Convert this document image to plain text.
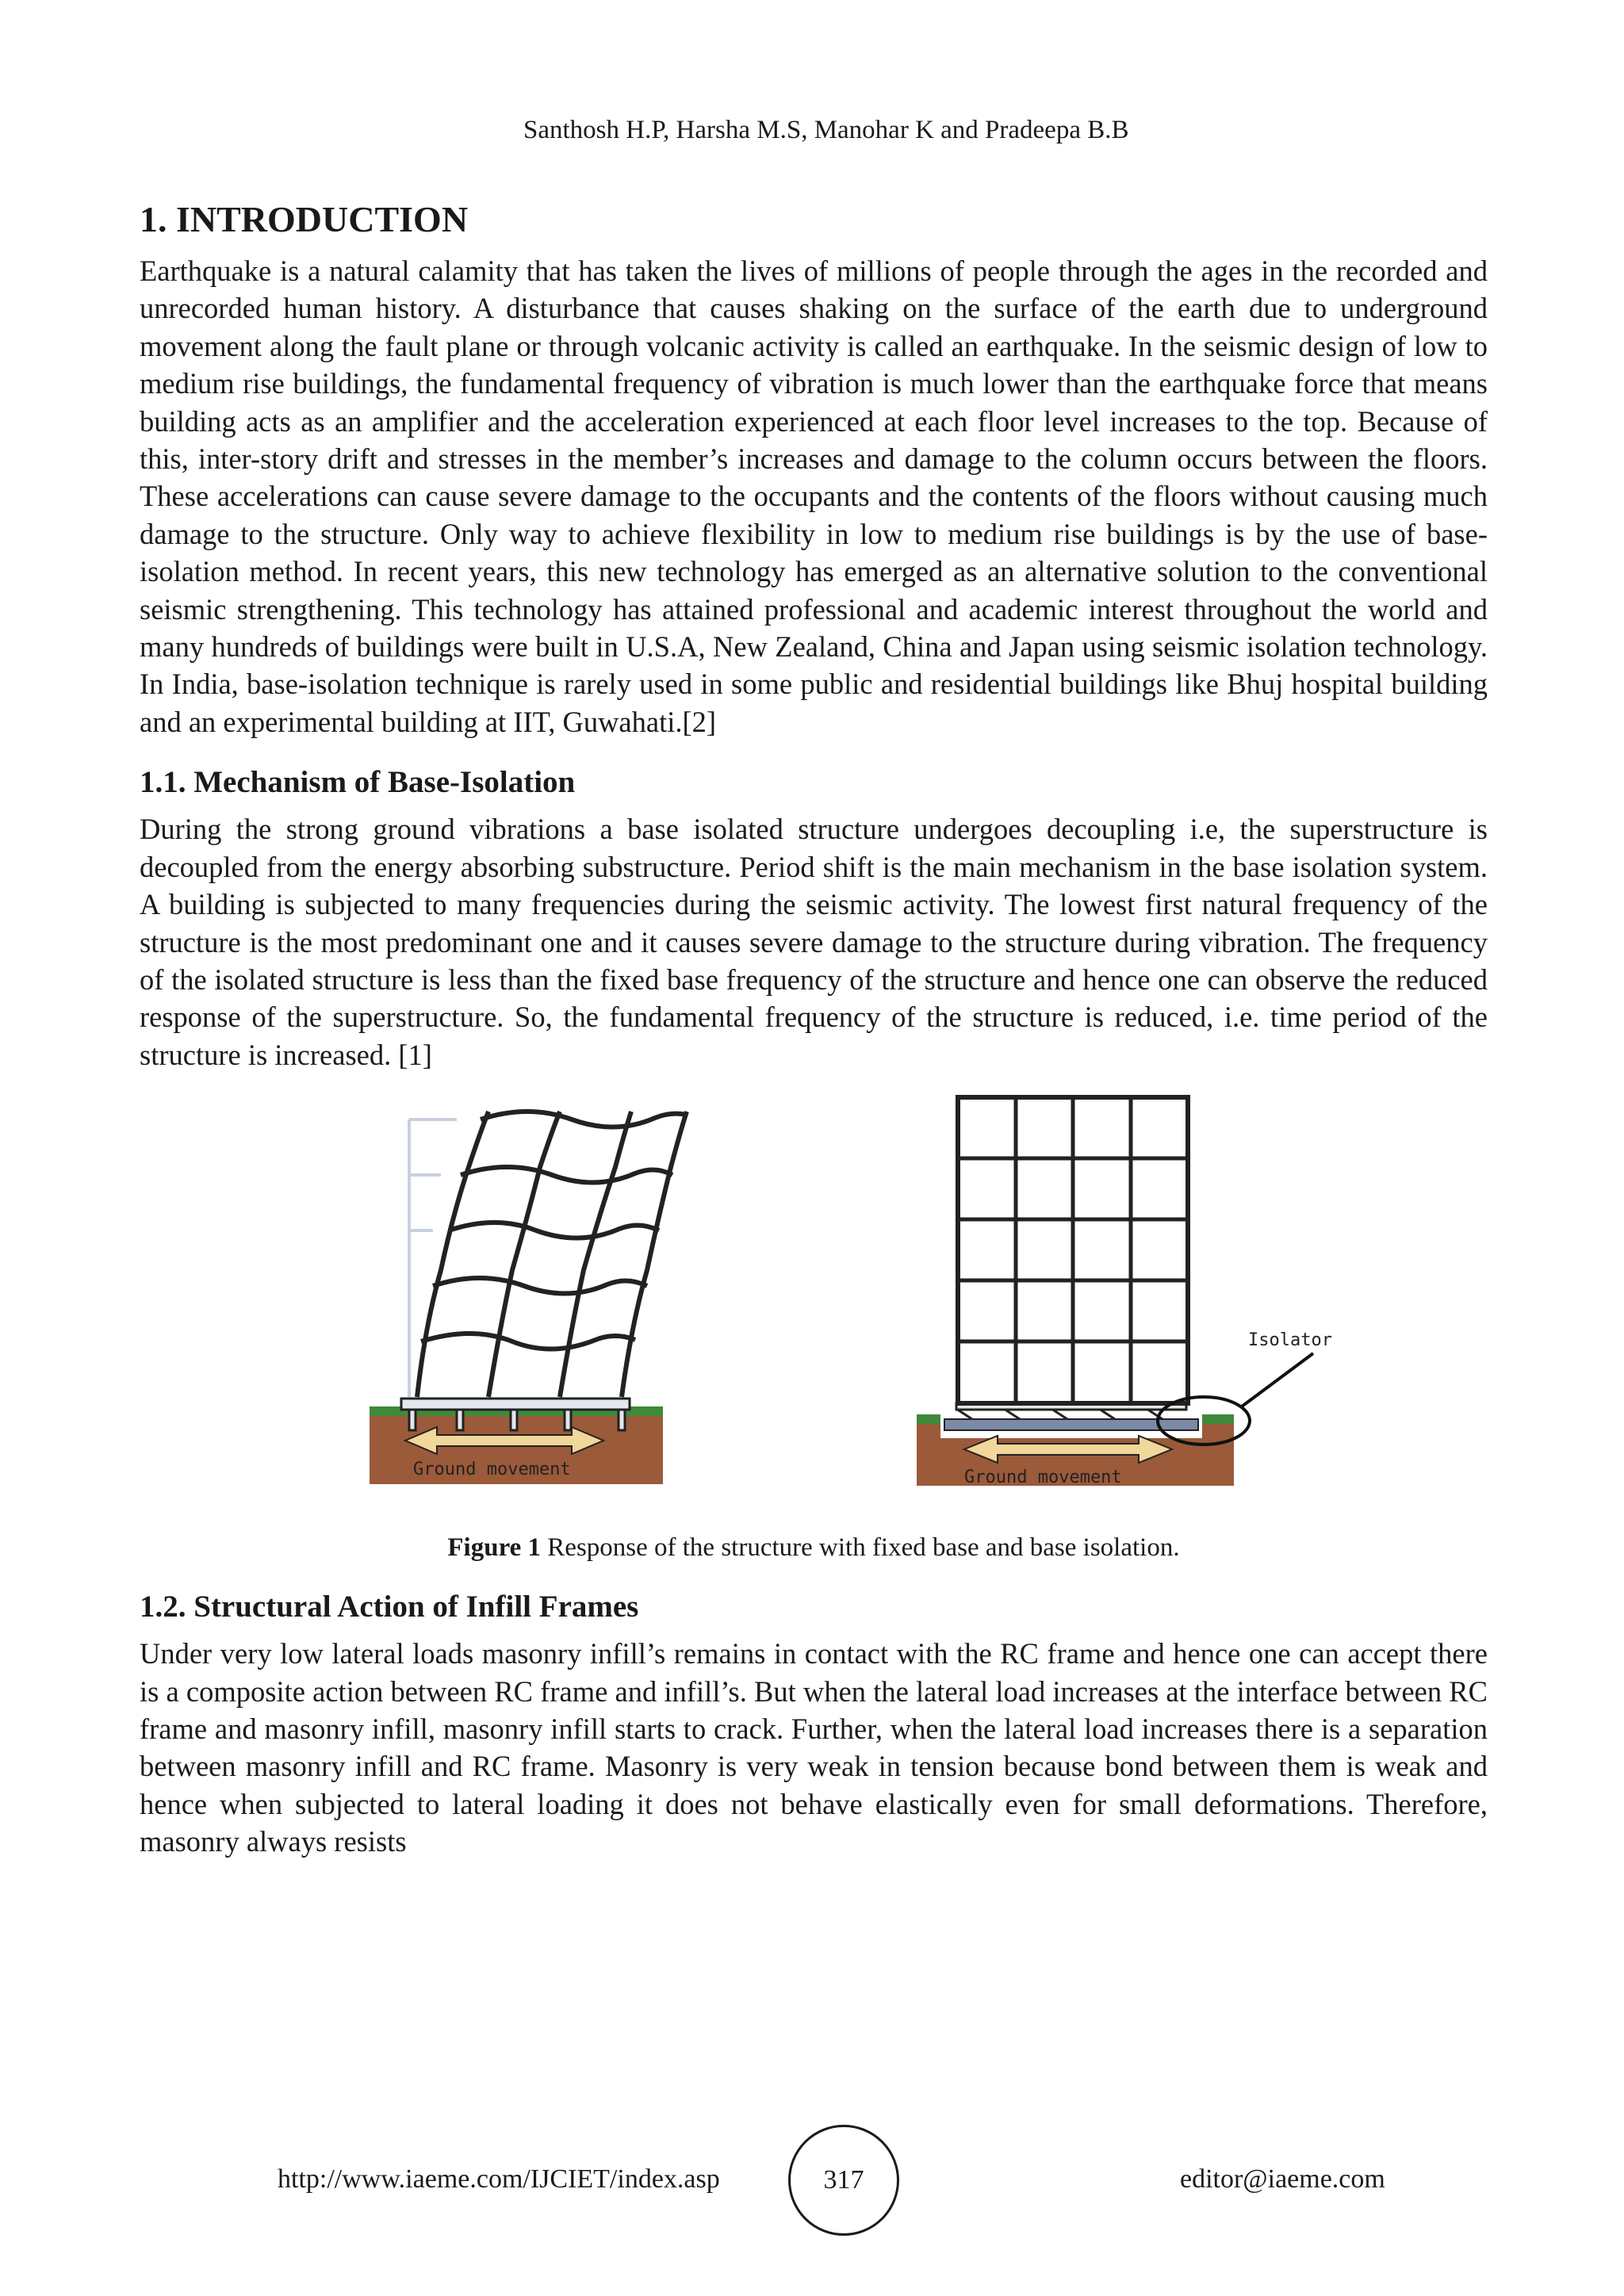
Santhosh H.P, Harsha M.S, Manohar K and Pradeepa B.B
1. INTRODUCTION

Earthquake is a natural calamity that has taken the lives of millions of people through the ages in the recorded and unrecorded human history. A disturbance that causes shaking on the surface of the earth due to underground movement along the fault plane or through volcanic activity is called an earthquake. In the seismic design of low to medium rise buildings, the fundamental frequency of vibration is much lower than the earthquake force that means building acts as an amplifier and the acceleration experienced at each floor level increases to the top. Because of this, inter-story drift and stresses in the member’s increases and damage to the column occurs between the floors. These accelerations can cause severe damage to the occupants and the contents of the floors without causing much damage to the structure. Only way to achieve flexibility in low to medium rise buildings is by the use of base-isolation method. In recent years, this new technology has emerged as an alternative solution to the conventional seismic strengthening. This technology has attained professional and academic interest throughout the world and many hundreds of buildings were built in U.S.A, New Zealand, China and Japan using seismic isolation technology. In India, base-isolation technique is rarely used in some public and residential buildings like Bhuj hospital building and an experimental building at IIT, Guwahati.[2]

1.1. Mechanism of Base-Isolation

During the strong ground vibrations a base isolated structure undergoes decoupling i.e, the superstructure is decoupled from the energy absorbing substructure. Period shift is the main mechanism in the base isolation system. A building is subjected to many frequencies during the seismic activity. The lowest first natural frequency of the structure is the most predominant one and it causes severe damage to the structure during vibration. The frequency of the isolated structure is less than the fixed base frequency of the structure and hence one can observe the reduced response of the superstructure. So, the fundamental frequency of the structure is reduced, i.e. time period of the structure is increased. [1]

Ground movement
Isolator
Ground movement
Figure 1 Response of the structure with fixed base and base isolation.
1.2. Structural Action of Infill Frames

Under very low lateral loads masonry infill’s remains in contact with the RC frame and hence one can accept there is a composite action between RC frame and infill’s. But when the lateral load increases at the interface between RC frame and masonry infill, masonry infill starts to crack. Further, when the lateral load increases there is a separation between masonry infill and RC frame. Masonry is very weak in tension because bond between them is weak and hence when subjected to lateral loading it does not behave elastically even for small deformations. Therefore, masonry always resists

http://www.iaeme.com/IJCIET/index.asp	317	editor@iaeme.com
